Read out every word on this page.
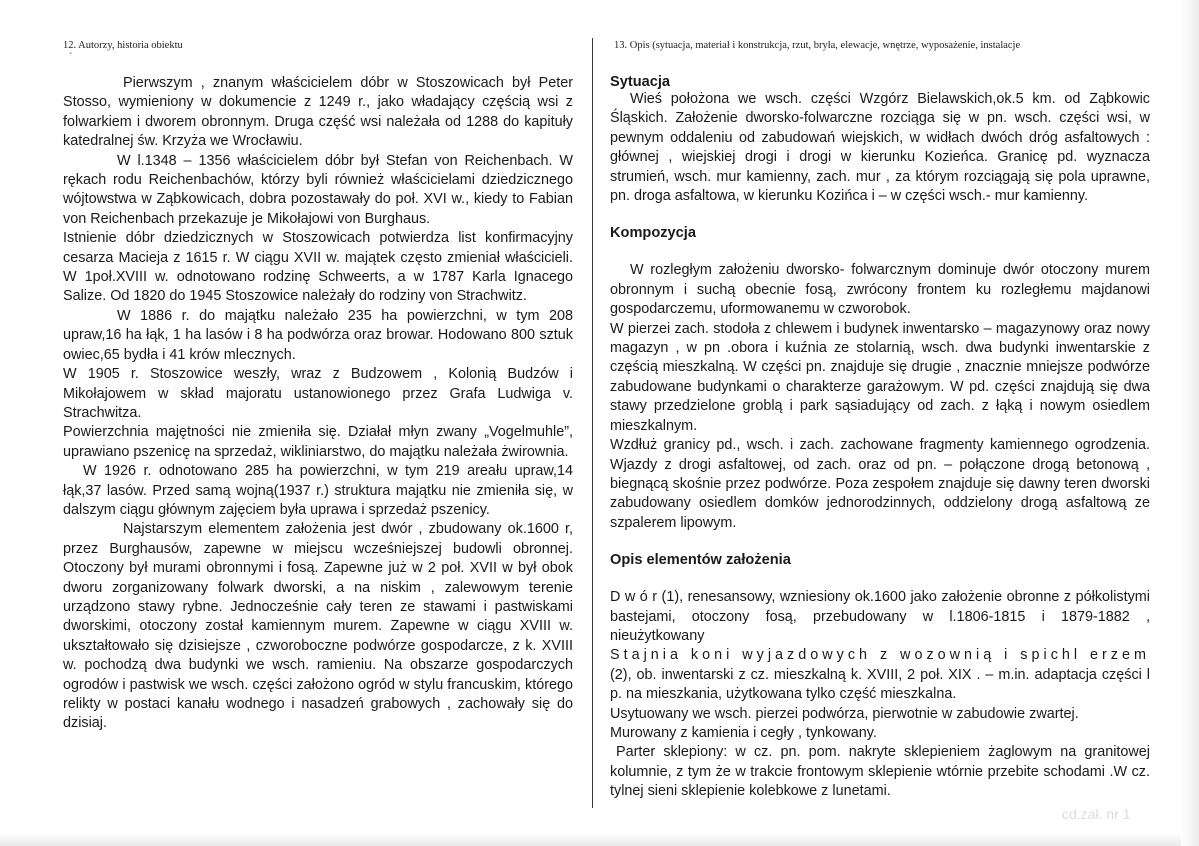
12. Autorzy, historia obiektu
`
13. Opis (sytuacja, materiał i konstrukcja, rzut, bryła, elewacje, wnętrze, wyposażenie, instalacje

Pierwszym , znanym właścicielem dóbr w Stoszowicach był Peter Stosso, wymieniony w dokumencie z 1249 r., jako władający częścią wsi z folwarkiem i dworem obronnym. Druga część wsi należała od 1288 do kapituły katedralnej św. Krzyża we Wrocławiu.

W l.1348 – 1356 właścicielem dóbr był Stefan von Reichenbach. W rękach rodu Reichenbachów, którzy byli również właścicielami dziedzicznego wójtowstwa w Ząbkowicach, dobra pozostawały do poł. XVI w., kiedy to Fabian von Reichenbach przekazuje je Mikołajowi von Burghaus.

Istnienie dóbr dziedzicznych w Stoszowicach potwierdza list konfirmacyjny cesarza Macieja z 1615 r. W ciągu XVII w. majątek często zmieniał właścicieli. W 1poł.XVIII w. odnotowano rodzinę Schweerts, a w 1787 Karla Ignacego Salize. Od 1820 do 1945 Stoszowice należały do rodziny von Strachwitz.

W 1886 r. do majątku należało 235 ha powierzchni, w tym 208 upraw,16 ha łąk, 1 ha lasów i 8 ha podwórza oraz browar. Hodowano 800 sztuk owiec,65 bydła i 41 krów mlecznych.

W 1905 r. Stoszowice weszły, wraz z Budzowem , Kolonią Budzów i Mikołajowem w skład majoratu ustanowionego przez Grafa Ludwiga v. Strachwitza.

Powierzchnia majętności nie zmieniła się. Działał młyn zwany „Vogelmuhle”, uprawiano pszenicę na sprzedaż, wikliniarstwo, do majątku należała żwirownia.

W 1926 r. odnotowano 285 ha powierzchni, w tym 219 areału upraw,14 łąk,37 lasów. Przed samą wojną(1937 r.) struktura majątku nie zmieniła się, w dalszym ciągu głównym zajęciem była uprawa i sprzedaż pszenicy.

Najstarszym elementem założenia jest dwór , zbudowany ok.1600 r, przez Burghausów, zapewne w miejscu wcześniejszej budowli obronnej. Otoczony był murami obronnymi i fosą. Zapewne już w 2 poł. XVII w był obok dworu zorganizowany folwark dworski, a na niskim , zalewowym terenie urządzono stawy rybne. Jednocześnie cały teren ze stawami i pastwiskami dworskimi, otoczony został kamiennym murem. Zapewne w ciągu XVIII w. ukształtowało się dzisiejsze , czworoboczne podwórze gospodarcze, z k. XVIII w. pochodzą dwa budynki we wsch. ramieniu. Na obszarze gospodarczych ogrodów i pastwisk we wsch. części założono ogród w stylu francuskim, którego relikty w postaci kanału wodnego i nasadzeń grabowych , zachowały się do dzisiaj.

Sytuacja

Wieś położona we wsch. części Wzgórz Bielawskich,ok.5 km. od Ząbkowic Śląskich. Założenie dworsko-folwarczne rozciąga się w pn. wsch. części wsi, w pewnym oddaleniu od zabudowań wiejskich, w widłach dwóch dróg asfaltowych : głównej , wiejskiej drogi i drogi w kierunku Kozieńca. Granicę pd. wyznacza strumień, wsch. mur kamienny, zach. mur , za którym rozciągają się pola uprawne, pn. droga asfaltowa, w kierunku Kozińca i – w części wsch.- mur kamienny.

Kompozycja

W rozległym założeniu dworsko- folwarcznym dominuje dwór otoczony murem obronnym i suchą obecnie fosą, zwrócony frontem ku rozległemu majdanowi gospodarczemu, uformowanemu w czworobok.

W pierzei zach. stodoła z chlewem i budynek inwentarsko – magazynowy oraz nowy magazyn , w pn .obora i kuźnia ze stolarnią, wsch. dwa budynki inwentarskie z częścią mieszkalną. W części pn. znajduje się drugie , znacznie mniejsze podwórze zabudowane budynkami o charakterze garażowym. W pd. części znajdują się dwa stawy przedzielone groblą i park sąsiadujący od zach. z łąką i nowym osiedlem mieszkalnym.

Wzdłuż granicy pd., wsch. i zach. zachowane fragmenty kamiennego ogrodzenia. Wjazdy z drogi asfaltowej, od zach. oraz od pn. – połączone drogą betonową , biegnącą skośnie przez podwórze. Poza zespołem znajduje się dawny teren dworski zabudowany osiedlem domków jednorodzinnych, oddzielony drogą asfaltową ze szpalerem lipowym.

Opis elementów założenia

D w ó r (1), renesansowy, wzniesiony ok.1600 jako założenie obronne z półkolistymi bastejami, otoczony fosą, przebudowany w l.1806-1815 i 1879-1882 , nieużytkowany

Stajnia koni wyjazdowych z wozownią i spichl erzem (2), ob. inwentarski z cz. mieszkalną k. XVIII, 2 poł. XIX . – m.in. adaptacja części l p. na mieszkania, użytkowana tylko część mieszkalna.

Usytuowany we wsch. pierzei podwórza, pierwotnie w zabudowie zwartej.

Murowany z kamienia i cegły , tynkowany.

Parter sklepiony: w cz. pn. pom. nakryte sklepieniem żaglowym na granitowej kolumnie, z tym że w trakcie frontowym sklepienie wtórnie przebite schodami .W cz. tylnej sieni sklepienie kolebkowe z lunetami.

cd.zał. nr 1
